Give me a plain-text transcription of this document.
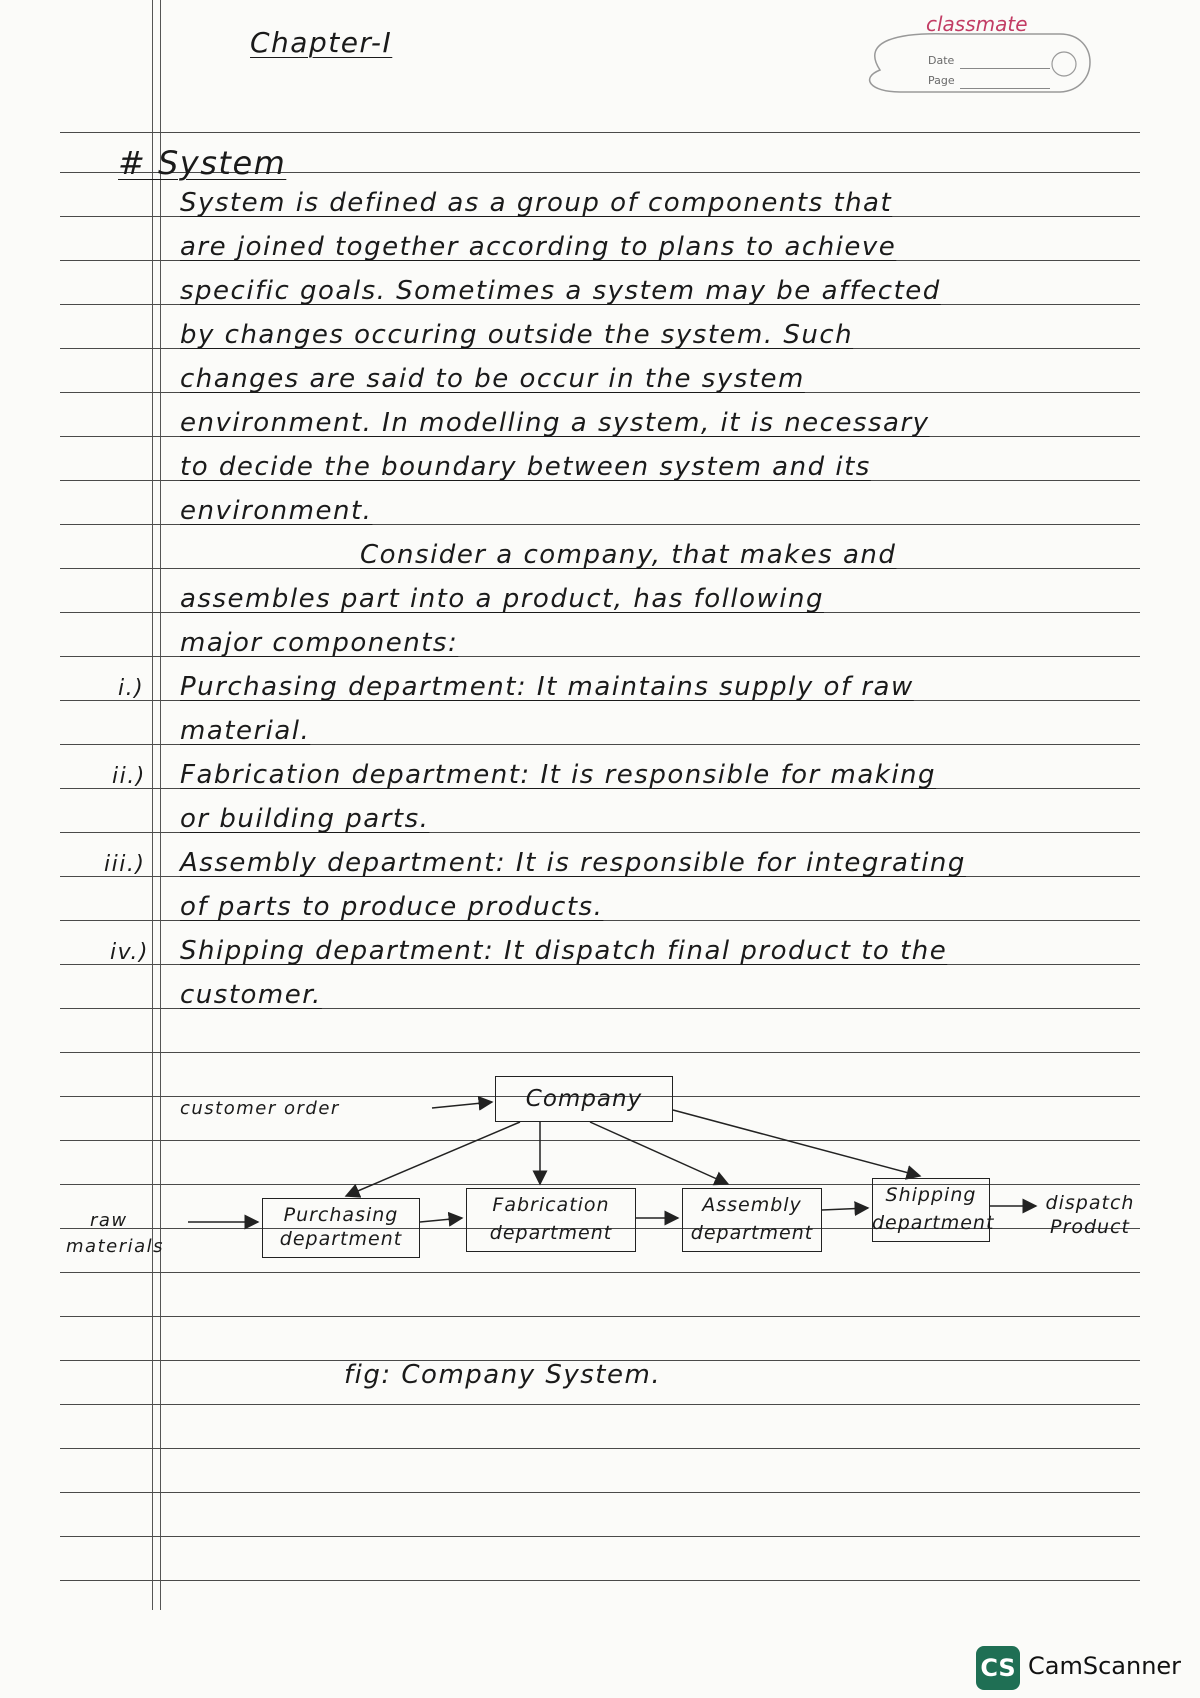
Chapter-I
classmate
Date
Page
# System
System is defined as a group of components that
are joined together according to plans to achieve
specific goals. Sometimes a system may be affected
by changes occuring outside the system. Such
changes are said to be occur in the system
environment. In modelling a system, it is necessary
to decide the boundary between system and its
environment.
Consider a company, that makes and
assembles part into a product, has following
major components:
i.) Purchasing department: It maintains supply of raw
material.
ii.) Fabrication department: It is responsible for making
or building parts.
iii.) Assembly department: It is responsible for integrating
of parts to produce products.
iv.) Shipping department: It dispatch final product to the
customer.
customer order	Company
raw
materials
Purchasing
department
Fabrication
department
Assembly
department
Shipping
department
dispatch
Product
fig: Company System.
CS CamScanner
